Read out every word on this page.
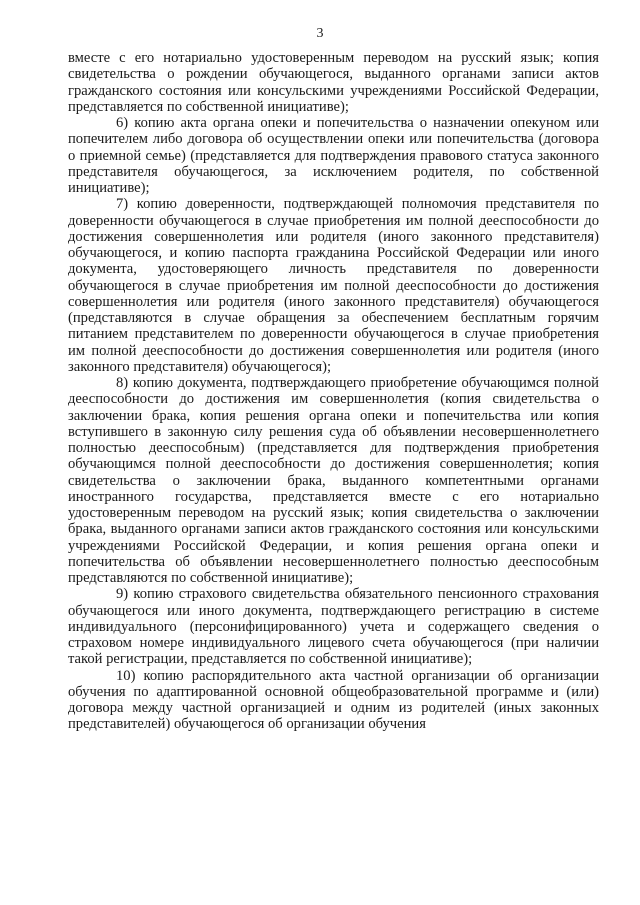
3

вместе с его нотариально удостоверенным переводом на русский язык; копия свидетельства о рождении обучающегося, выданного органами записи актов гражданского состояния или консульскими учреждениями Российской Федерации, представляется по собственной инициативе);

6) копию акта органа опеки и попечительства о назначении опекуном или попечителем либо договора об осуществлении опеки или попечительства (договора о приемной семье) (представляется для подтверждения правового статуса законного представителя обучающегося, за исключением родителя, по собственной инициативе);

7) копию доверенности, подтверждающей полномочия представителя по доверенности обучающегося в случае приобретения им полной дееспособности до достижения совершеннолетия или родителя (иного законного представителя) обучающегося, и копию паспорта гражданина Российской Федерации или иного документа, удостоверяющего личность представителя по доверенности обучающегося в случае приобретения им полной дееспособности до достижения совершеннолетия или родителя (иного законного представителя) обучающегося (представляются в случае обращения за обеспечением бесплатным горячим питанием представителем по доверенности обучающегося в случае приобретения им полной дееспособности до достижения совершеннолетия или родителя (иного законного представителя) обучающегося);

8) копию документа, подтверждающего приобретение обучающимся полной дееспособности до достижения им совершеннолетия (копия свидетельства о заключении брака, копия решения органа опеки и попечительства или копия вступившего в законную силу решения суда об объявлении несовершеннолетнего полностью дееспособным) (представляется для подтверждения приобретения обучающимся полной дееспособности до достижения совершеннолетия; копия свидетельства о заключении брака, выданного компетентными органами иностранного государства, представляется вместе с его нотариально удостоверенным переводом на русский язык; копия свидетельства о заключении брака, выданного органами записи актов гражданского состояния или консульскими учреждениями Российской Федерации, и копия решения органа опеки и попечительства об объявлении несовершеннолетнего полностью дееспособным представляются по собственной инициативе);

9) копию страхового свидетельства обязательного пенсионного страхования обучающегося или иного документа, подтверждающего регистрацию в системе индивидуального (персонифицированного) учета и содержащего сведения о страховом номере индивидуального лицевого счета обучающегося (при наличии такой регистрации, представляется по собственной инициативе);

10) копию распорядительного акта частной организации об организации обучения по адаптированной основной общеобразовательной программе и (или) договора между частной организацией и одним из родителей (иных законных представителей) обучающегося об организации обучения
